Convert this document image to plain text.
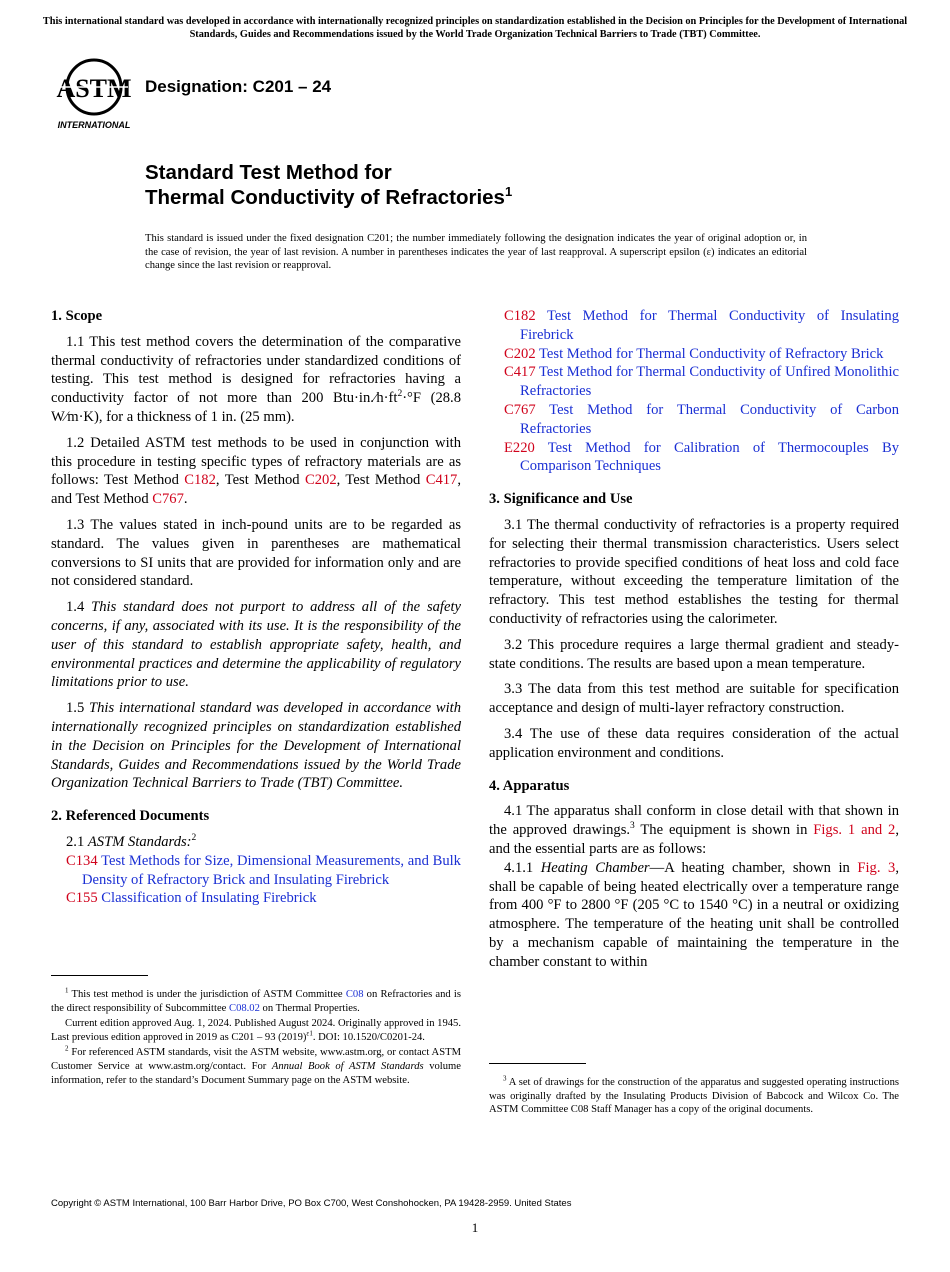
This international standard was developed in accordance with internationally recognized principles on standardization established in the Decision on Principles for the Development of International Standards, Guides and Recommendations issued by the World Trade Organization Technical Barriers to Trade (TBT) Committee.
ASTM
INTERNATIONAL
Designation: C201 – 24
Standard Test Method for
Thermal Conductivity of Refractories$^1$
This standard is issued under the fixed designation C201; the number immediately following the designation indicates the year of original adoption or, in the case of revision, the year of last revision. A number in parentheses indicates the year of last reapproval. A superscript epsilon (ε) indicates an editorial change since the last revision or reapproval.
1. Scope
1.1 This test method covers the determination of the comparative thermal conductivity of refractories under standardized conditions of testing. This test method is designed for refractories having a conductivity factor of not more than 200 $Btu\cdot in.⁄h\cdot ft^2\cdot^\circ F$ (28.8 W⁄m·K), for a thickness of 1 in. (25 mm).
1.2 Detailed ASTM test methods to be used in conjunction with this procedure in testing specific types of refractory materials are as follows: Test Method C182, Test Method C202, Test Method C417, and Test Method C767.
1.3 The values stated in inch-pound units are to be regarded as standard. The values given in parentheses are mathematical conversions to SI units that are provided for information only and are not considered standard.
1.4 This standard does not purport to address all of the safety concerns, if any, associated with its use. It is the responsibility of the user of this standard to establish appropriate safety, health, and environmental practices and determine the applicability of regulatory limitations prior to use.
1.5 This international standard was developed in accordance with internationally recognized principles on standardization established in the Decision on Principles for the Development of International Standards, Guides and Recommendations issued by the World Trade Organization Technical Barriers to Trade (TBT) Committee.
2. Referenced Documents
2.1 ASTM Standards:$^2$
C134 Test Methods for Size, Dimensional Measurements, and Bulk Density of Refractory Brick and Insulating Firebrick
C155 Classification of Insulating Firebrick
C182 Test Method for Thermal Conductivity of Insulating Firebrick
C202 Test Method for Thermal Conductivity of Refractory Brick
C417 Test Method for Thermal Conductivity of Unfired Monolithic Refractories
C767 Test Method for Thermal Conductivity of Carbon Refractories
E220 Test Method for Calibration of Thermocouples By Comparison Techniques
3. Significance and Use
3.1 The thermal conductivity of refractories is a property required for selecting their thermal transmission characteristics. Users select refractories to provide specified conditions of heat loss and cold face temperature, without exceeding the temperature limitation of the refractory. This test method establishes the testing for thermal conductivity of refractories using the calorimeter.
3.2 This procedure requires a large thermal gradient and steady-state conditions. The results are based upon a mean temperature.
3.3 The data from this test method are suitable for specification acceptance and design of multi-layer refractory construction.
3.4 The use of these data requires consideration of the actual application environment and conditions.
4. Apparatus
4.1 The apparatus shall conform in close detail with that shown in the approved drawings.$^3$ The equipment is shown in Figs. 1 and 2, and the essential parts are as follows:
4.1.1 Heating Chamber—A heating chamber, shown in Fig. 3, shall be capable of being heated electrically over a temperature range from 400 °F to 2800 °F (205 °C to 1540 °C) in a neutral or oxidizing atmosphere. The temperature of the heating unit shall be controlled by a mechanism capable of maintaining the temperature in the chamber constant to within

$^1$ This test method is under the jurisdiction of ASTM Committee C08 on Refractories and is the direct responsibility of Subcommittee C08.02 on Thermal Properties.

Current edition approved Aug. 1, 2024. Published August 2024. Originally approved in 1945. Last previous edition approved in 2019 as C201 – 93 $(2019)^{\varepsilon 1}$. DOI: 10.1520/C0201-24.

$^2$ For referenced ASTM standards, visit the ASTM website, www.astm.org, or contact ASTM Customer Service at www.astm.org/contact. For Annual Book of ASTM Standards volume information, refer to the standard’s Document Summary page on the ASTM website.	$^3$ A set of drawings for the construction of the apparatus and suggested operating instructions was originally drafted by the Insulating Products Division of Babcock and Wilcox Co. The ASTM Committee C08 Staff Manager has a copy of the original documents.

Copyright © ASTM International, 100 Barr Harbor Drive, PO Box C700, West Conshohocken, PA 19428-2959. United States
1
